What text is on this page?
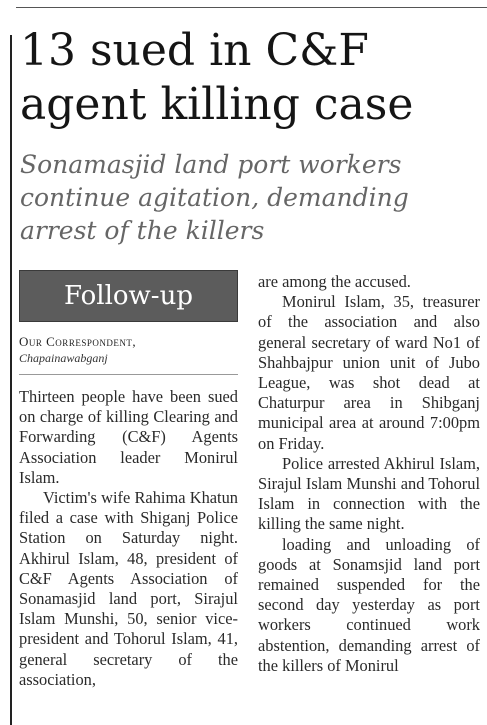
13 sued in C&F agent killing case
Sonamasjid land port workers continue agitation, demanding arrest of the killers
Follow-up
Our Correspondent,
Chapainawabganj

Thirteen people have been sued on charge of killing Clearing and Forwarding (C&F) Agents Association leader Monirul Islam.

Victim's wife Rahima Khatun filed a case with Shiganj Police Station on Saturday night. Akhirul Islam, 48, president of C&F Agents Association of Sonamasjid land port, Sirajul Islam Munshi, 50, senior vice- president and Tohorul Islam, 41, general secretary of the association,

are among the accused.

Monirul Islam, 35, treasurer of the association and also general secretary of ward No1 of Shahbajpur union unit of Jubo League, was shot dead at Chaturpur area in Shibganj municipal area at around 7:00pm on Friday.

Police arrested Akhirul Islam, Sirajul Islam Munshi and Tohorul Islam in connection with the killing the same night.

loading and unloading of goods at Sonamsjid land port remained suspended for the second day yesterday as port workers continued work abstention, demanding arrest of the killers of Monirul
